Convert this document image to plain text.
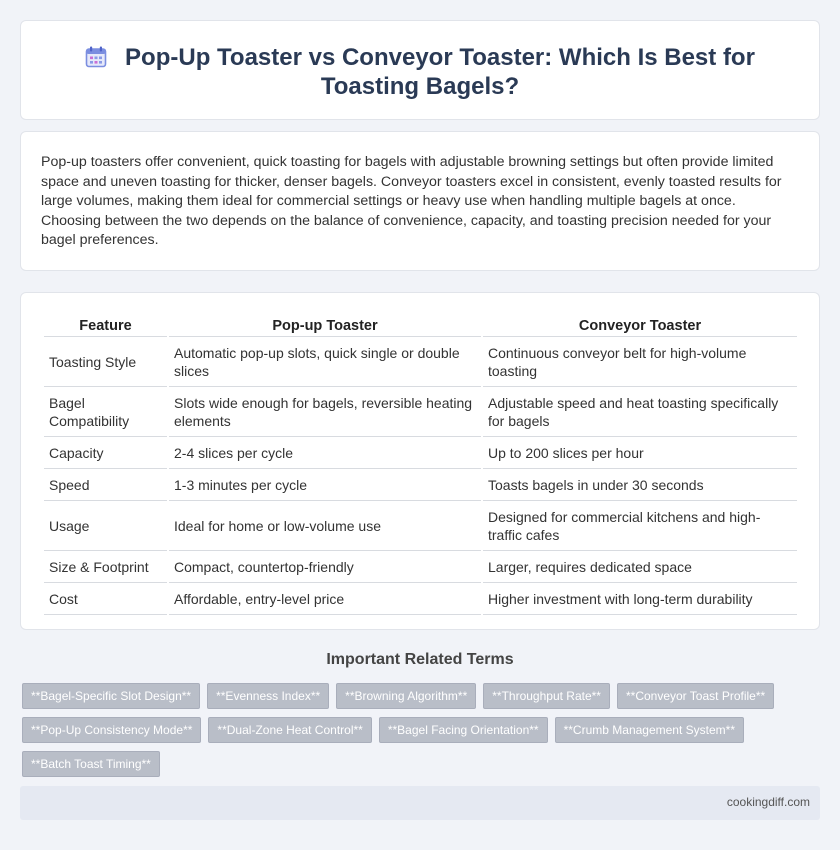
Pop-Up Toaster vs Conveyor Toaster: Which Is Best for Toasting Bagels?

Pop-up toasters offer convenient, quick toasting for bagels with adjustable browning settings but often provide limited space and uneven toasting for thicker, denser bagels. Conveyor toasters excel in consistent, evenly toasted results for large volumes, making them ideal for commercial settings or heavy use when handling multiple bagels at once. Choosing between the two depends on the balance of convenience, capacity, and toasting precision needed for your bagel preferences.

Feature	Pop-up Toaster	Conveyor Toaster
Toasting Style	Automatic pop-up slots, quick single or double slices	Continuous conveyor belt for high-volume toasting
Bagel Compatibility	Slots wide enough for bagels, reversible heating elements	Adjustable speed and heat toasting specifically for bagels
Capacity	2-4 slices per cycle	Up to 200 slices per hour
Speed	1-3 minutes per cycle	Toasts bagels in under 30 seconds
Usage	Ideal for home or low-volume use	Designed for commercial kitchens and high-traffic cafes
Size & Footprint	Compact, countertop-friendly	Larger, requires dedicated space
Cost	Affordable, entry-level price	Higher investment with long-term durability
Important Related Terms
**Bagel-Specific Slot Design**	**Evenness Index**	**Browning Algorithm**	**Throughput Rate**	**Conveyor Toast Profile**
**Pop-Up Consistency Mode**	**Dual-Zone Heat Control**	**Bagel Facing Orientation**	**Crumb Management System**
**Batch Toast Timing**
cookingdiff.com
